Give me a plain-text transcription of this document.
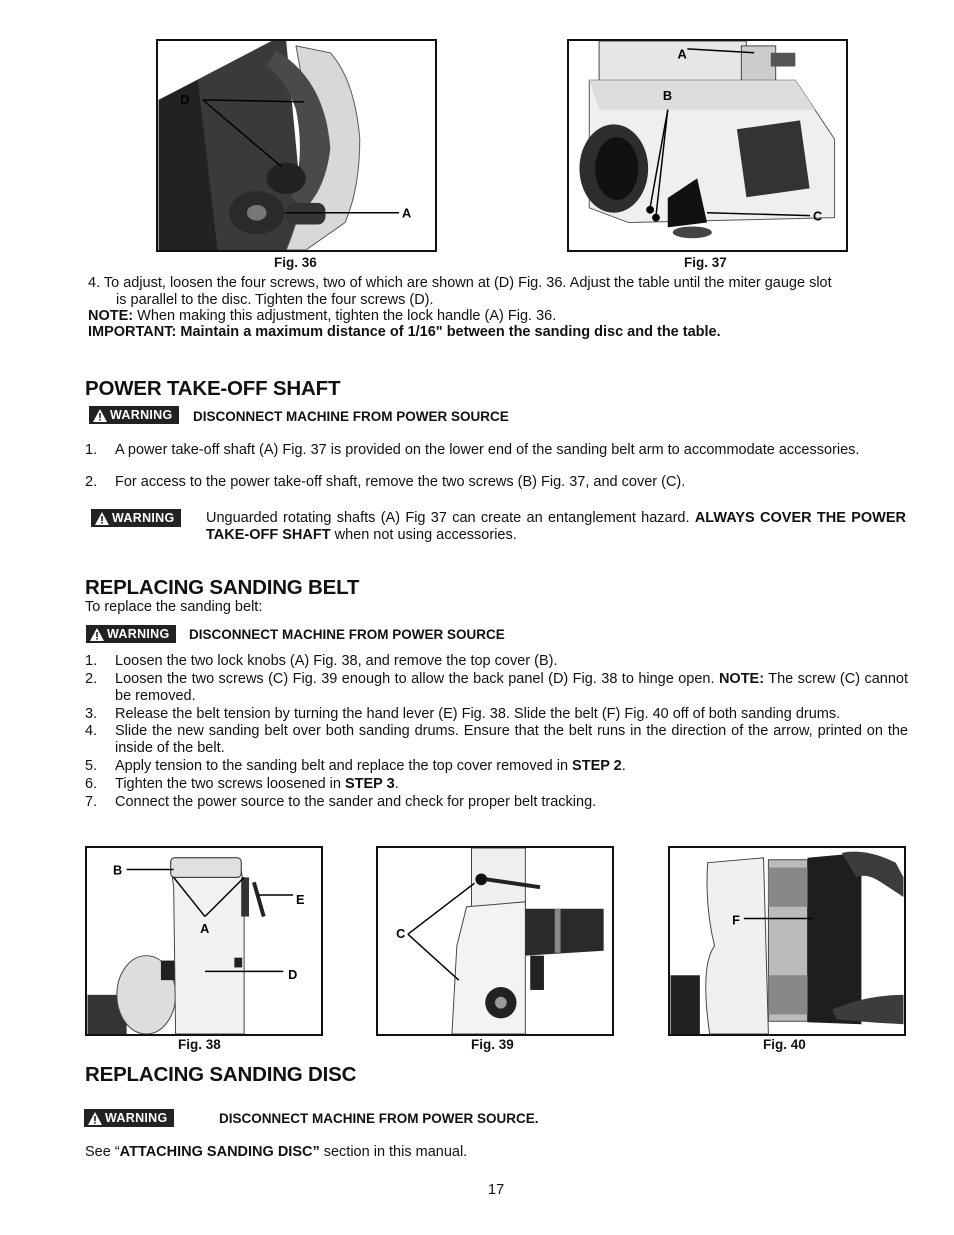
D
A
Fig. 36
A
B
C
Fig. 37
4. To adjust, loosen the four screws, two of which are shown at (D) Fig. 36. Adjust the table until the miter gauge slot
is parallel to the disc. Tighten the four screws (D).
NOTE: When making this adjustment, tighten the lock handle (A) Fig. 36.
IMPORTANT: Maintain a maximum distance of 1/16" between the sanding disc and the table.
POWER TAKE-OFF SHAFT
WARNING DISCONNECT MACHINE FROM POWER SOURCE
1.	A power take-off shaft (A) Fig. 37 is provided on the lower end of the sanding belt arm to accommodate accessories.
2.	For access to the power take-off shaft, remove the two screws (B) Fig. 37, and cover (C).
WARNING Unguarded rotating shafts (A) Fig 37 can create an entanglement hazard. ALWAYS COVER THE POWER TAKE-OFF SHAFT when not using accessories.
REPLACING SANDING BELT
To replace the sanding belt:
WARNING DISCONNECT MACHINE FROM POWER SOURCE
1.	Loosen the two lock knobs (A) Fig. 38, and remove the top cover (B).
2.	Loosen the two screws (C) Fig. 39 enough to allow the back panel (D) Fig. 38 to hinge open. NOTE: The screw (C) cannot be removed.
3.	Release the belt tension by turning the hand lever (E) Fig. 38. Slide the belt (F) Fig. 40 off of both sanding drums.
4.	Slide the new sanding belt over both sanding drums. Ensure that the belt runs in the direction of the arrow, printed on the inside of the belt.
5.	Apply tension to the sanding belt and replace the top cover removed in STEP 2.
6.	Tighten the two screws loosened in STEP 3.
7.	Connect the power source to the sander and check for proper belt tracking.
B
E
A
D
Fig. 38
C
Fig. 39
F
Fig. 40
REPLACING SANDING DISC
WARNING	DISCONNECT MACHINE FROM POWER SOURCE.
See “ATTACHING SANDING DISC” section in this manual.
17
